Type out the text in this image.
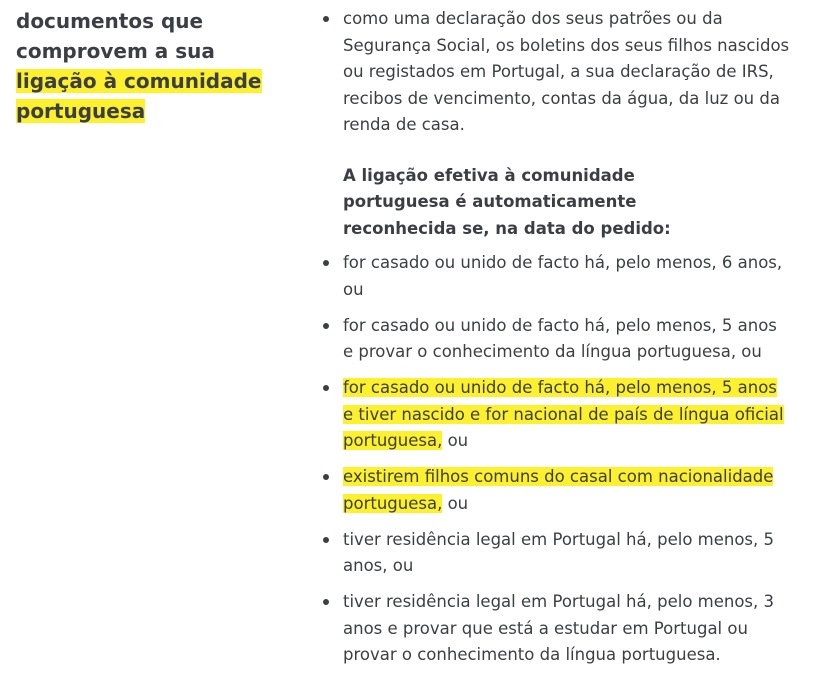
documentos que
comprovem a sua
ligação à comunidade
portuguesa

como uma declaração dos seus patrões ou da Segurança Social, os boletins dos seus filhos nascidos ou registados em Portugal, a sua declaração de IRS, recibos de vencimento, contas da água, da luz ou da renda de casa.

A ligação efetiva à comunidade portuguesa é automaticamente reconhecida se, na data do pedido:

for casado ou unido de facto há, pelo menos, 6 anos, ou
for casado ou unido de facto há, pelo menos, 5 anos e provar o conhecimento da língua portuguesa, ou
for casado ou unido de facto há, pelo menos, 5 anos e tiver nascido e for nacional de país de língua oficial portuguesa, ou
existirem filhos comuns do casal com nacionalidade portuguesa, ou
tiver residência legal em Portugal há, pelo menos, 5 anos, ou
tiver residência legal em Portugal há, pelo menos, 3 anos e provar que está a estudar em Portugal ou provar o conhecimento da língua portuguesa.
